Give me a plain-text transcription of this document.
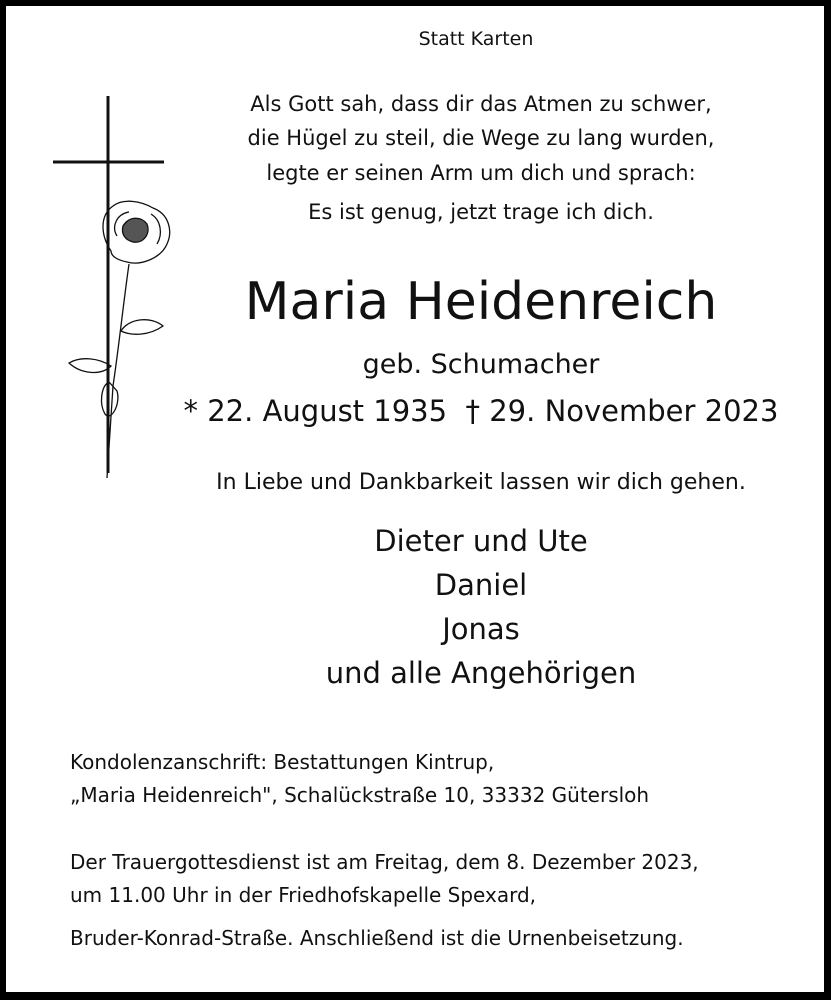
Statt Karten
Als Gott sah, dass dir das Atmen zu schwer,
die Hügel zu steil, die Wege zu lang wurden,
legte er seinen Arm um dich und sprach:
Es ist genug, jetzt trage ich dich.
Maria Heidenreich
geb. Schumacher
* 22. August 1935  † 29. November 2023
In Liebe und Dankbarkeit lassen wir dich gehen.
Dieter und Ute
Daniel
Jonas
und alle Angehörigen
Kondolenzanschrift: Bestattungen Kintrup,
„Maria Heidenreich", Schalückstraße 10, 33332 Gütersloh
Der Trauergottesdienst ist am Freitag, dem 8. Dezember 2023,
um 11.00 Uhr in der Friedhofskapelle Spexard,
Bruder-Konrad-Straße. Anschließend ist die Urnenbeisetzung.
